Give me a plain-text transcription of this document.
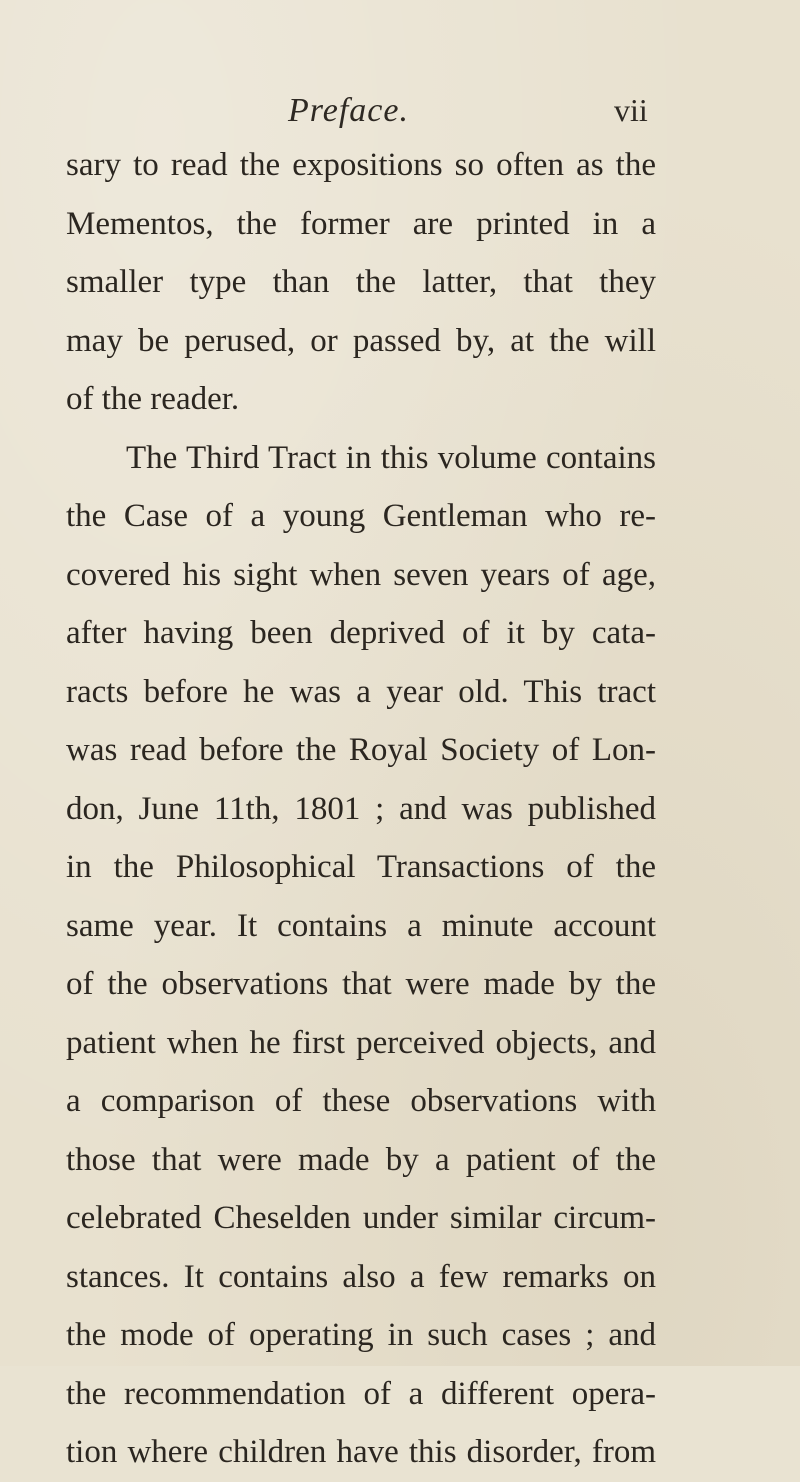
Preface.	vii
sary to read the expositions so often as the
Mementos, the former are printed in a
smaller type than the latter, that they
may be perused, or passed by, at the will
of the reader.
The Third Tract in this volume contains
the Case of a young Gentleman who re-
covered his sight when seven years of age,
after having been deprived of it by cata-
racts before he was a year old. This tract
was read before the Royal Society of Lon-
don, June 11th, 1801 ; and was published
in the Philosophical Transactions of the
same year. It contains a minute account
of the observations that were made by the
patient when he first perceived objects, and
a comparison of these observations with
those that were made by a patient of the
celebrated Cheselden under similar circum-
stances. It contains also a few remarks on
the mode of operating in such cases ; and
the recommendation of a different opera-
tion where children have this disorder, from
